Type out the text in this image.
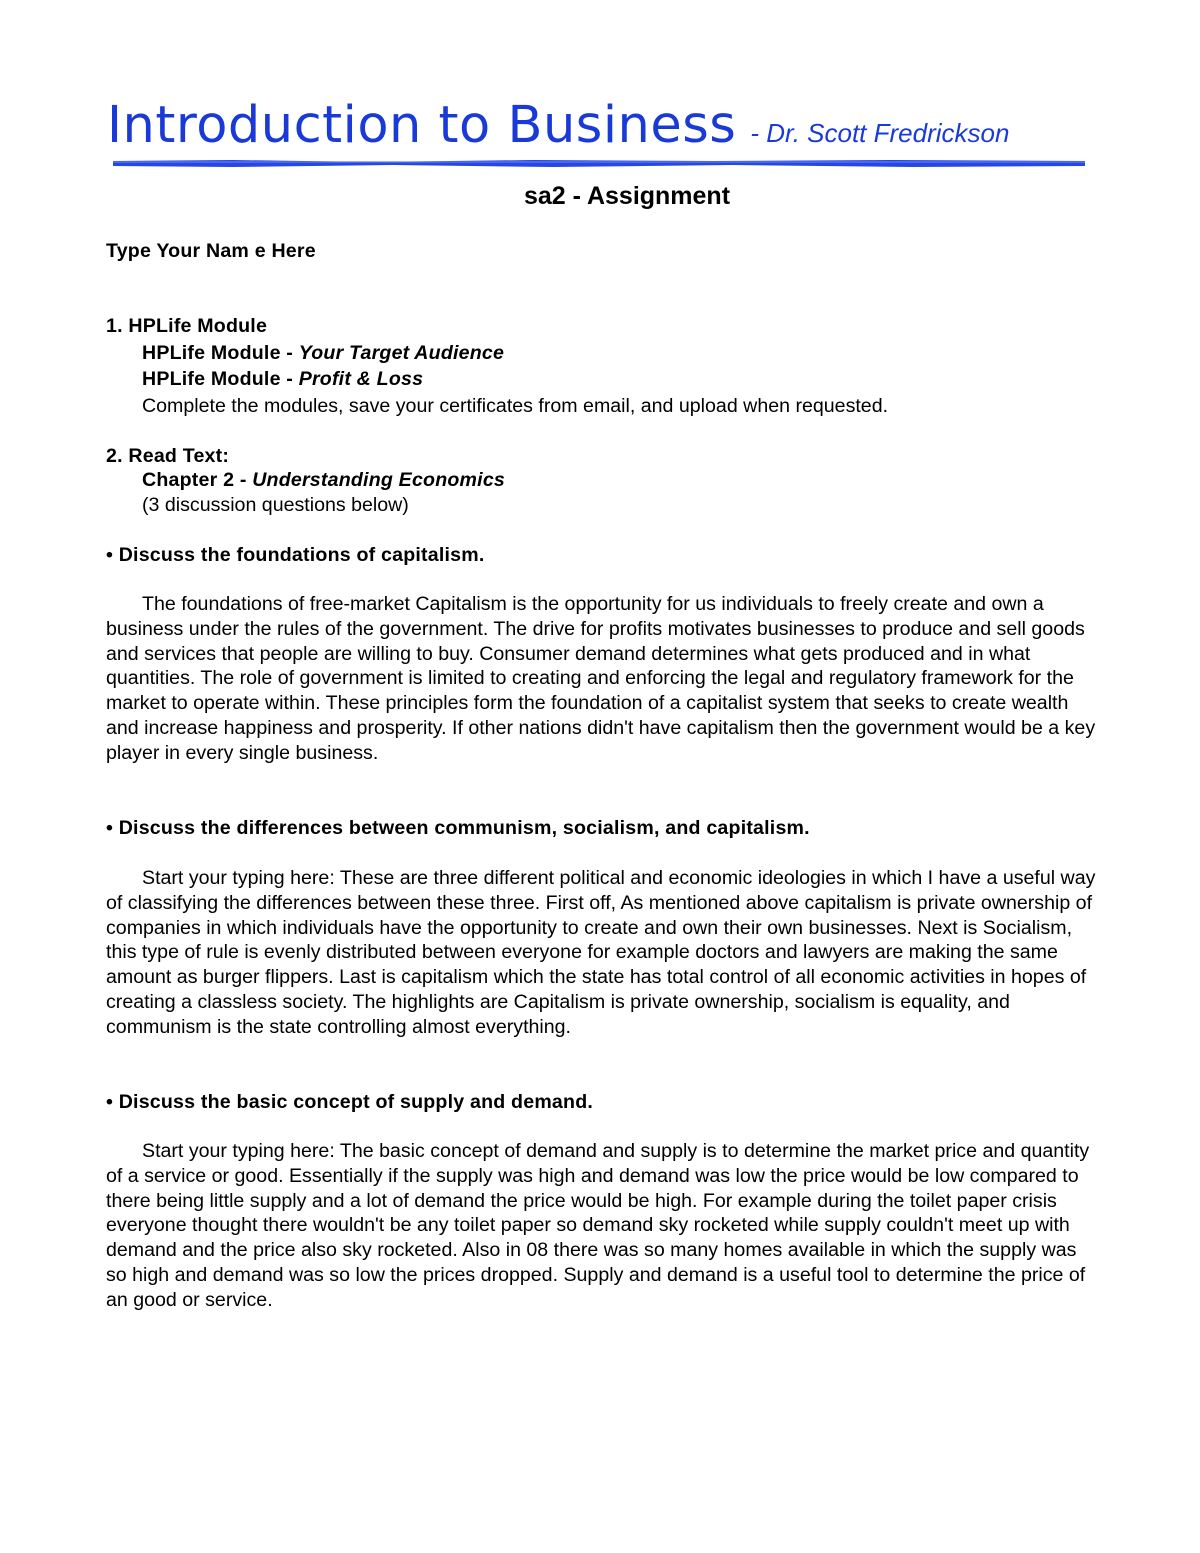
Introduction to Business - Dr. Scott Fredrickson
sa2 - Assignment
Type Your Nam e Here
1. HPLife Module
HPLife Module - Your Target Audience
HPLife Module - Profit & Loss
Complete the modules, save your certificates from email, and upload when requested.
2. Read Text:
Chapter 2 - Understanding Economics
(3 discussion questions below)
• Discuss the foundations of capitalism.
The foundations of free-market Capitalism is the opportunity for us individuals to freely create and own a business under the rules of the government. The drive for profits motivates businesses to produce and sell goods and services that people are willing to buy. Consumer demand determines what gets produced and in what quantities. The role of government is limited to creating and enforcing the legal and regulatory framework for the market to operate within. These principles form the foundation of a capitalist system that seeks to create wealth and increase happiness and prosperity. If other nations didn't have capitalism then the government would be a key player in every single business.
• Discuss the differences between communism, socialism, and capitalism.
Start your typing here: These are three different political and economic ideologies in which I have a useful way of classifying the differences between these three. First off, As mentioned above capitalism is private ownership of companies in which individuals have the opportunity to create and own their own businesses. Next is Socialism, this type of rule is evenly distributed between everyone for example doctors and lawyers are making the same amount as burger flippers. Last is capitalism which the state has total control of all economic activities in hopes of creating a classless society. The highlights are Capitalism is private ownership, socialism is equality, and communism is the state controlling almost everything.
• Discuss the basic concept of supply and demand.
Start your typing here: The basic concept of demand and supply is to determine the market price and quantity of a service or good. Essentially if the supply was high and demand was low the price would be low compared to there being little supply and a lot of demand the price would be high. For example during the toilet paper crisis everyone thought there wouldn't be any toilet paper so demand sky rocketed while supply couldn't meet up with demand and the price also sky rocketed. Also in 08 there was so many homes available in which the supply was so high and demand was so low the prices dropped. Supply and demand is a useful tool to determine the price of an good or service.
